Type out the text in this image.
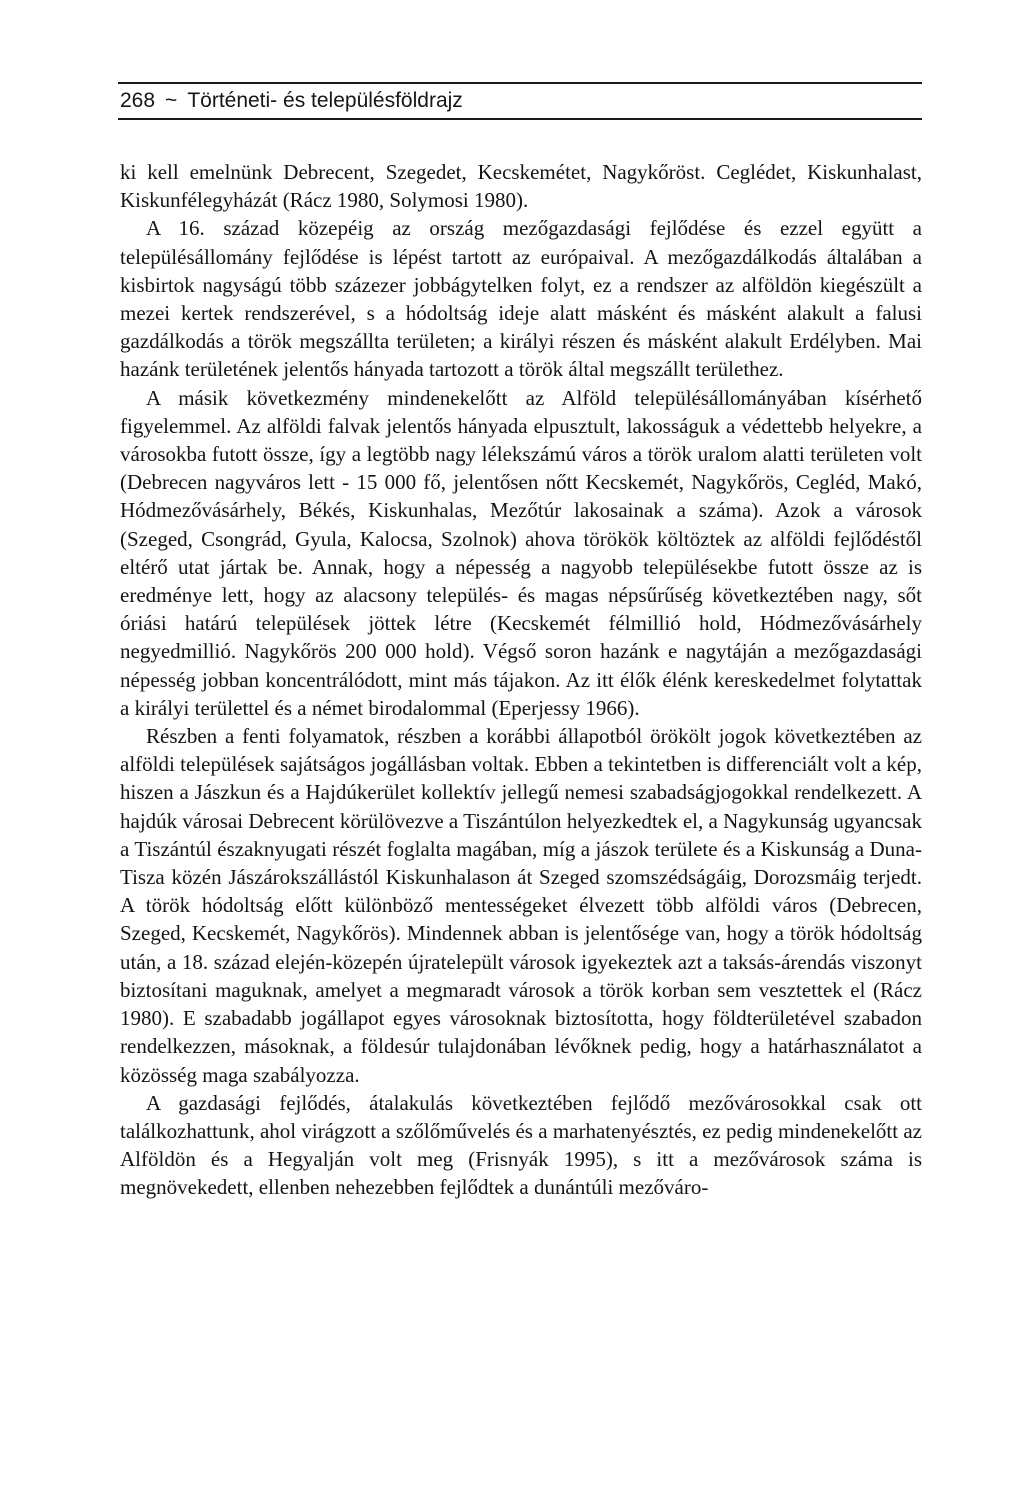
268 ~ Történeti- és településföldrajz

ki kell emelnünk Debrecent, Szegedet, Kecskemétet, Nagykőröst. Ceglédet, Kiskunhalast, Kiskunfélegyházát (Rácz 1980, Solymosi 1980).

A 16. század közepéig az ország mezőgazdasági fejlődése és ezzel együtt a településállomány fejlődése is lépést tartott az európaival. A mezőgazdálkodás általában a kisbirtok nagyságú több százezer jobbágytelken folyt, ez a rendszer az alföldön kiegészült a mezei kertek rendszerével, s a hódoltság ideje alatt másként és másként alakult a falusi gazdálkodás a török megszállta területen; a királyi részen és másként alakult Erdélyben. Mai hazánk területének jelentős hányada tartozott a török által megszállt területhez.

A másik következmény mindenekelőtt az Alföld településállományában kísérhető figyelemmel. Az alföldi falvak jelentős hányada elpusztult, lakosságuk a védettebb helyekre, a városokba futott össze, így a legtöbb nagy lélekszámú város a török uralom alatti területen volt (Debrecen nagyváros lett - 15 000 fő, jelentősen nőtt Kecskemét, Nagykőrös, Cegléd, Makó, Hódmezővásárhely, Békés, Kiskunhalas, Mezőtúr lakosainak a száma). Azok a városok (Szeged, Csongrád, Gyula, Kalocsa, Szolnok) ahova törökök költöztek az alföldi fejlődéstől eltérő utat jártak be. Annak, hogy a népesség a nagyobb településekbe futott össze az is eredménye lett, hogy az alacsony település- és magas népsűrűség következtében nagy, sőt óriási határú települések jöttek létre (Kecskemét félmillió hold, Hódmezővásárhely negyedmillió. Nagykőrös 200 000 hold). Végső soron hazánk e nagytáján a mezőgazdasági népesség jobban koncentrálódott, mint más tájakon. Az itt élők élénk kereskedelmet folytattak a királyi területtel és a német birodalommal (Eperjessy 1966).

Részben a fenti folyamatok, részben a korábbi állapotból örökölt jogok következtében az alföldi települések sajátságos jogállásban voltak. Ebben a tekintetben is differenciált volt a kép, hiszen a Jászkun és a Hajdúkerület kollektív jellegű nemesi szabadságjogokkal rendelkezett. A hajdúk városai Debrecent körülövezve a Tiszántúlon helyezkedtek el, a Nagykunság ugyancsak a Tiszántúl északnyugati részét foglalta magában, míg a jászok területe és a Kiskunság a Duna-Tisza közén Jászárokszállástól Kiskunhalason át Szeged szomszédságáig, Dorozsmáig terjedt. A török hódoltság előtt különböző mentességeket élvezett több alföldi város (Debrecen, Szeged, Kecskemét, Nagykőrös). Mindennek abban is jelentősége van, hogy a török hódoltság után, a 18. század elején-közepén újratelepült városok igyekeztek azt a taksás-árendás viszonyt biztosítani maguknak, amelyet a megmaradt városok a török korban sem vesztettek el (Rácz 1980). E szabadabb jogállapot egyes városoknak biztosította, hogy földterületével szabadon rendelkezzen, másoknak, a földesúr tulajdonában lévőknek pedig, hogy a határhasználatot a közösség maga szabályozza.

A gazdasági fejlődés, átalakulás következtében fejlődő mezővárosokkal csak ott találkozhattunk, ahol virágzott a szőlőművelés és a marhatenyésztés, ez pedig mindenekelőtt az Alföldön és a Hegyalján volt meg (Frisnyák 1995), s itt a mezővárosok száma is megnövekedett, ellenben nehezebben fejlődtek a dunántúli mezőváro-
